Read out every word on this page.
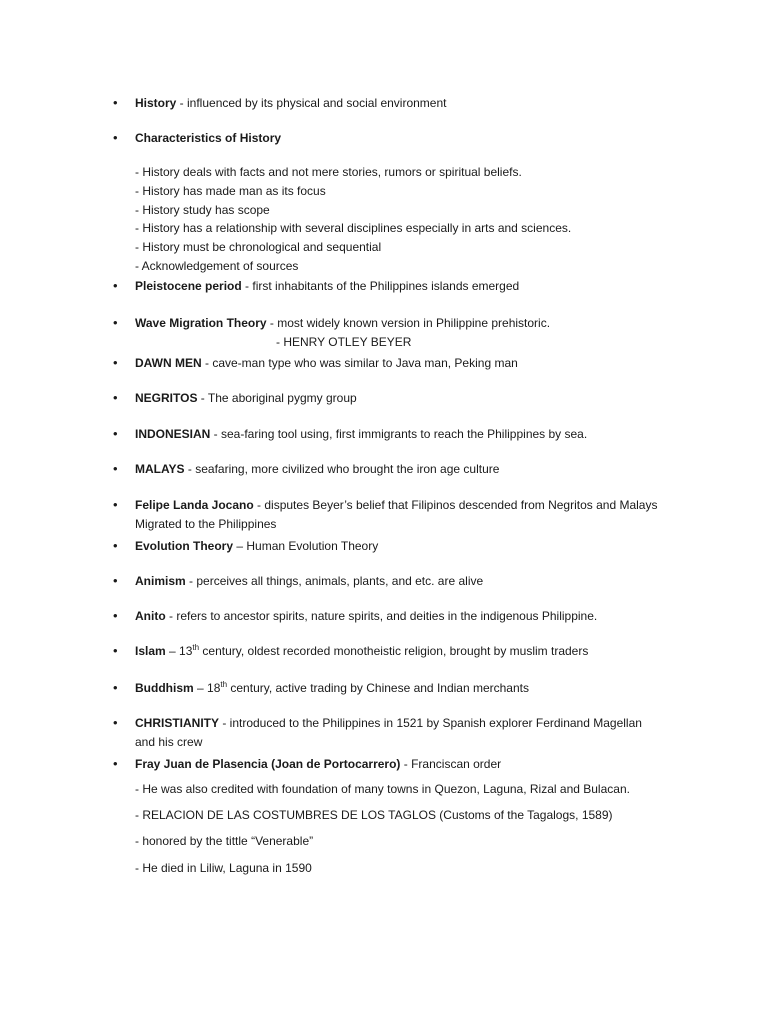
•	History - influenced by its physical and social environment
•	Characteristics of History
- History deals with facts and not mere stories, rumors or spiritual beliefs.
- History has made man as its focus
- History study has scope
- History has a relationship with several disciplines especially in arts and sciences.
- History must be chronological and sequential
- Acknowledgement of sources
•	Pleistocene period - first inhabitants of the Philippines islands emerged
•	Wave Migration Theory - most widely known version in Philippine prehistoric.
- HENRY OTLEY BEYER
•	DAWN MEN - cave-man type who was similar to Java man, Peking man
•	NEGRITOS - The aboriginal pygmy group
•	INDONESIAN - sea-faring tool using, first immigrants to reach the Philippines by sea.
•	MALAYS - seafaring, more civilized who brought the iron age culture
•	Felipe Landa Jocano - disputes Beyer’s belief that Filipinos descended from Negritos and Malays
Migrated to the Philippines
•	Evolution Theory – Human Evolution Theory
•	Animism - perceives all things, animals, plants, and etc. are alive
•	Anito - refers to ancestor spirits, nature spirits, and deities in the indigenous Philippine.
•	Islam – 13th century, oldest recorded monotheistic religion, brought by muslim traders
•	Buddhism – 18th century, active trading by Chinese and Indian merchants
•	CHRISTIANITY - introduced to the Philippines in 1521 by Spanish explorer Ferdinand Magellan
and his crew
•	Fray Juan de Plasencia (Joan de Portocarrero) - Franciscan order
- He was also credited with foundation of many towns in Quezon, Laguna, Rizal and Bulacan.
- RELACION DE LAS COSTUMBRES DE LOS TAGLOS (Customs of the Tagalogs, 1589)
- honored by the tittle “Venerable”
- He died in Liliw, Laguna in 1590
